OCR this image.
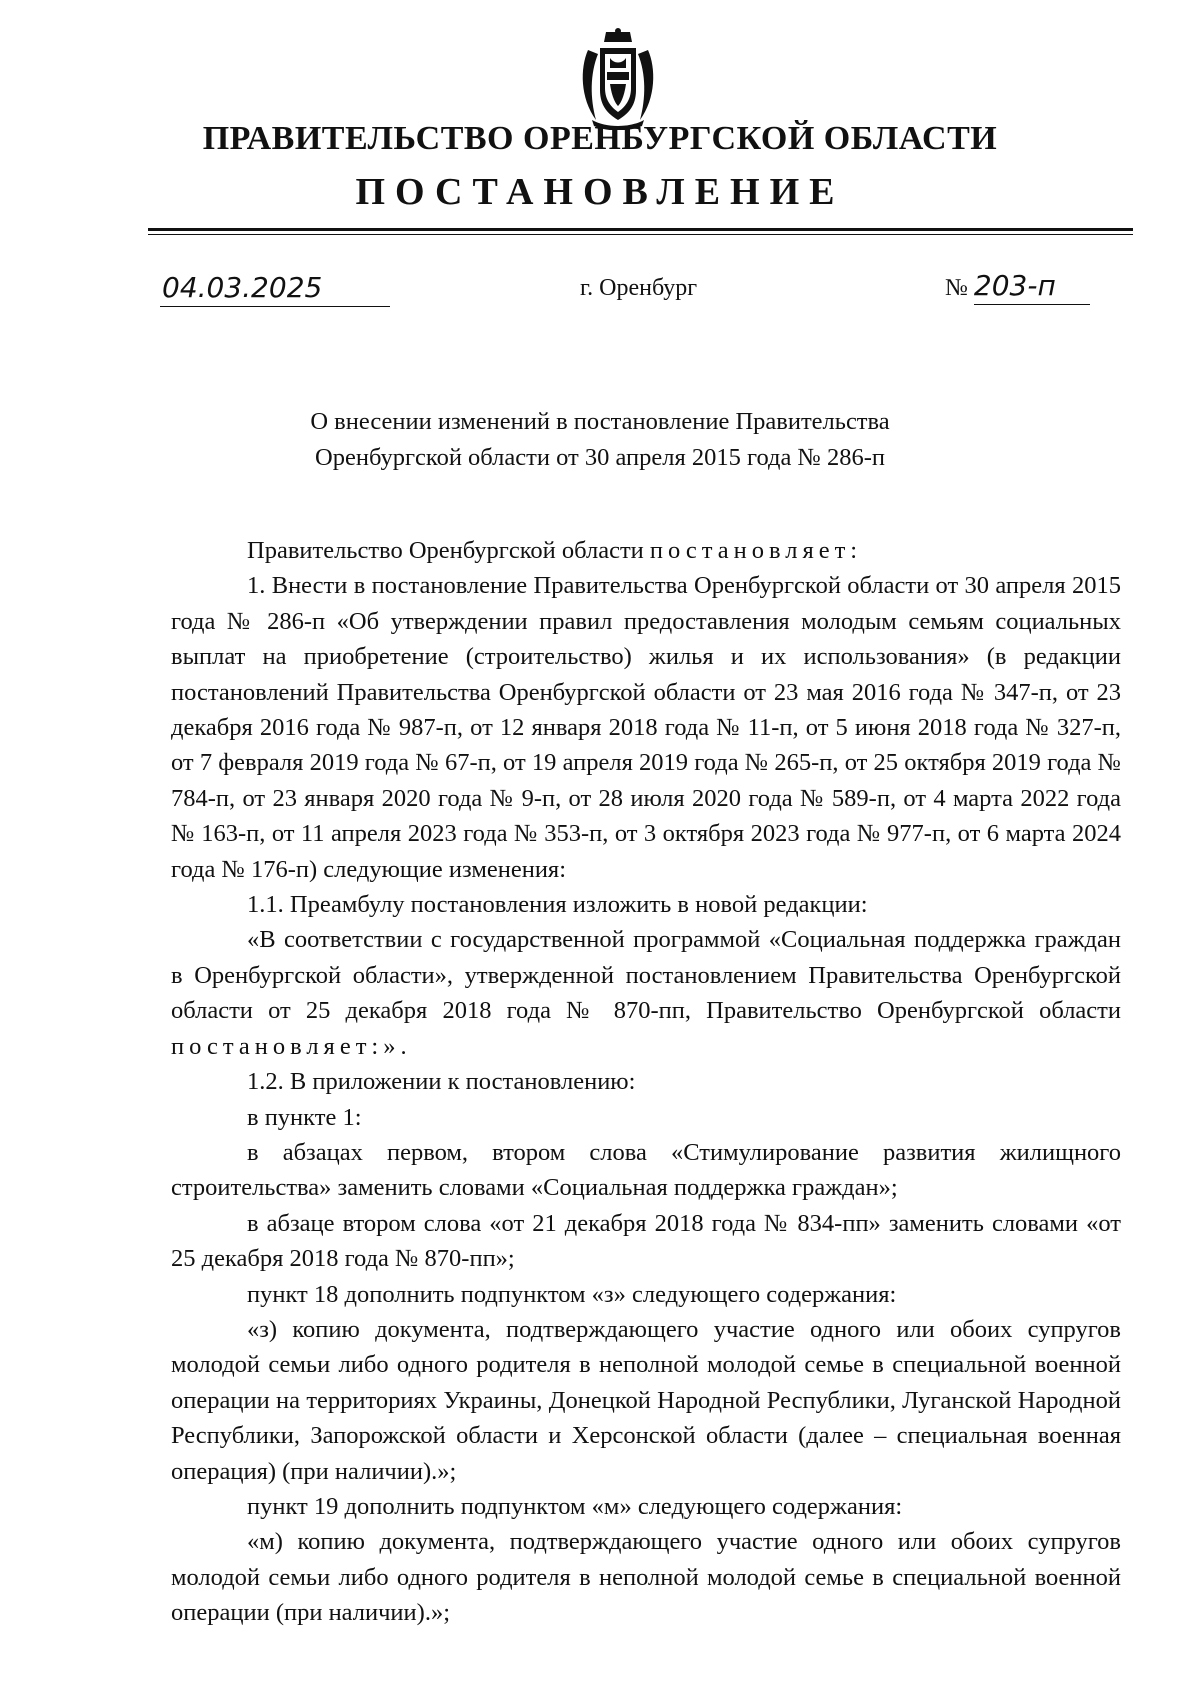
ПРАВИТЕЛЬСТВО ОРЕНБУРГСКОЙ ОБЛАСТИ
ПОСТАНОВЛЕНИЕ
04.03.2025	г. Оренбург	№ 203-п
О внесении изменений в постановление Правительства
Оренбургской области от 30 апреля 2015 года № 286-п

Правительство Оренбургской области постановляет:

1. Внести в постановление Правительства Оренбургской области от 30 апреля 2015 года № 286-п «Об утверждении правил предоставления молодым семьям социальных выплат на приобретение (строительство) жилья и их использования» (в редакции постановлений Правительства Оренбургской области от 23 мая 2016 года № 347-п, от 23 декабря 2016 года № 987-п, от 12 января 2018 года № 11-п, от 5 июня 2018 года № 327-п, от 7 февраля 2019 года № 67-п, от 19 апреля 2019 года № 265-п, от 25 октября 2019 года № 784-п, от 23 января 2020 года № 9-п, от 28 июля 2020 года № 589-п, от 4 марта 2022 года № 163-п, от 11 апреля 2023 года № 353-п, от 3 октября 2023 года № 977-п, от 6 марта 2024 года № 176-п) следующие изменения:

1.1. Преамбулу постановления изложить в новой редакции:

«В соответствии с государственной программой «Социальная поддержка граждан в Оренбургской области», утвержденной постановлением Правительства Оренбургской области от 25 декабря 2018 года № 870-пп, Правительство Оренбургской области постановляет:».

1.2. В приложении к постановлению:

в пункте 1:

в абзацах первом, втором слова «Стимулирование развития жилищного строительства» заменить словами «Социальная поддержка граждан»;

в абзаце втором слова «от 21 декабря 2018 года № 834-пп» заменить словами «от 25 декабря 2018 года № 870-пп»;

пункт 18 дополнить подпунктом «з» следующего содержания:

«з) копию документа, подтверждающего участие одного или обоих супругов молодой семьи либо одного родителя в неполной молодой семье в специальной военной операции на территориях Украины, Донецкой Народной Республики, Луганской Народной Республики, Запорожской области и Херсонской области (далее – специальная военная операция) (при наличии).»;

пункт 19 дополнить подпунктом «м» следующего содержания:

«м) копию документа, подтверждающего участие одного или обоих супругов молодой семьи либо одного родителя в неполной молодой семье в специальной военной операции (при наличии).»;
